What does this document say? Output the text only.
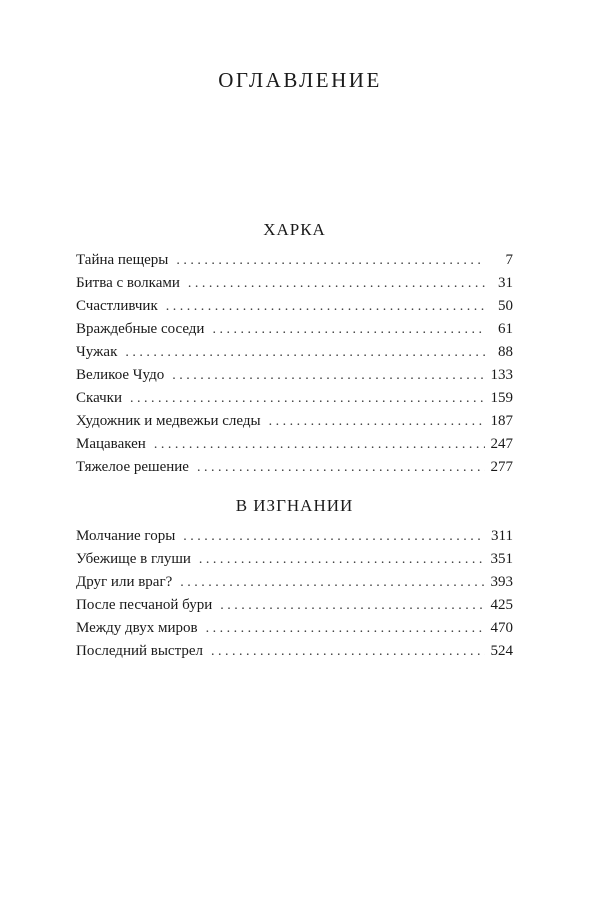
ОГЛАВЛЕНИЕ
ХАРКА
Тайна пещеры . . .	7
Битва с волками . . .	31
Счастливчик . . .	50
Враждебные соседи . . .	61
Чужак . . .	88
Великое Чудо . . .	133
Скачки . . .	159
Художник и медвежьи следы . . .	187
Мацавакен . . .	247
Тяжелое решение . . .	277
В ИЗГНАНИИ
Молчание горы . . .	311
Убежище в глуши . . .	351
Друг или враг? . . .	393
После песчаной бури . . .	425
Между двух миров . . .	470
Последний выстрел . . .	524
